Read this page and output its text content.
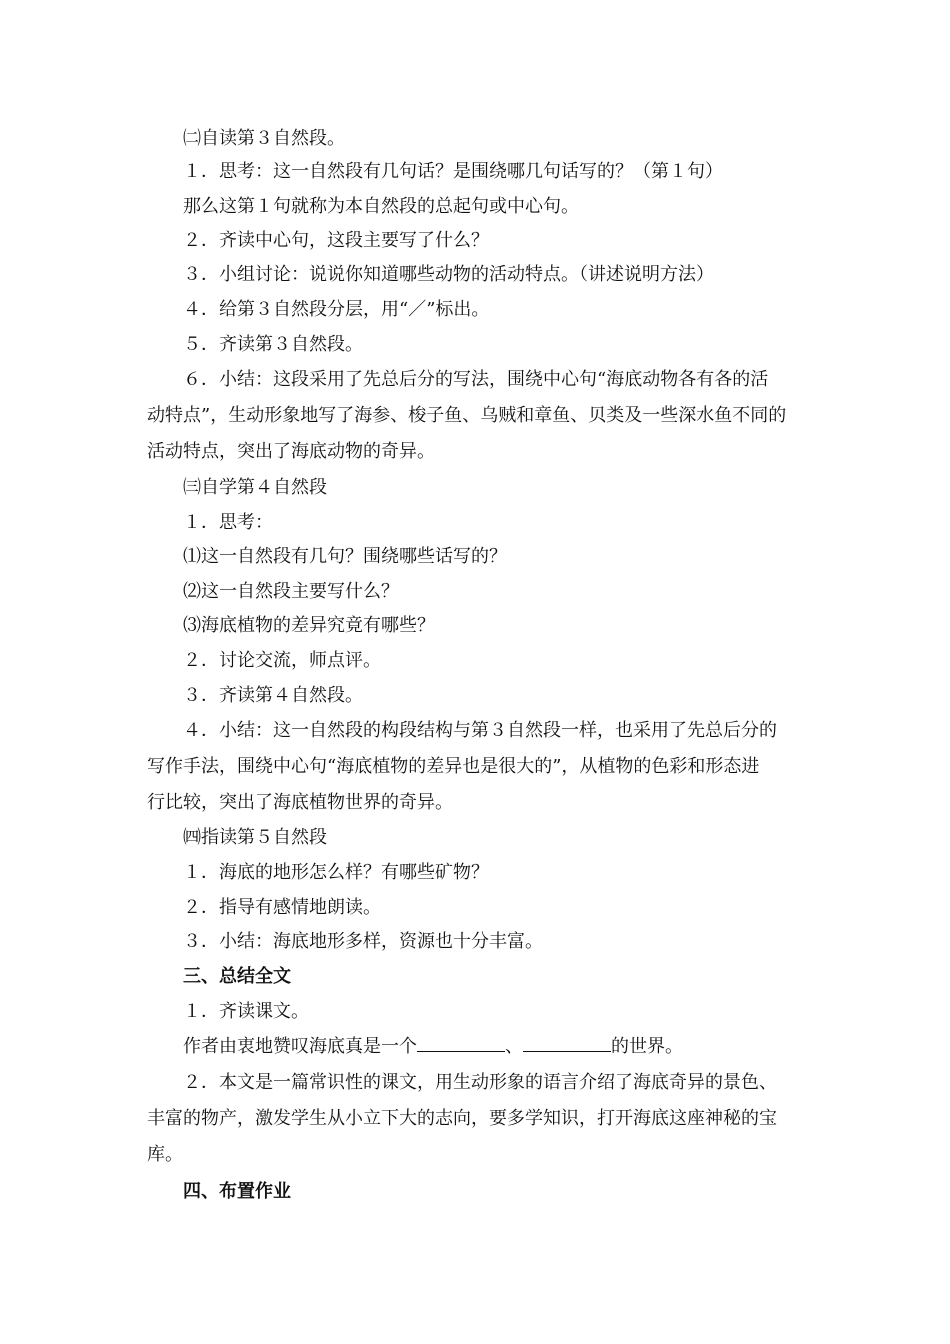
㈡自读第３自然段。
１．思考：这一自然段有几句话？是围绕哪几句话写的？（第１句）
那么这第１句就称为本自然段的总起句或中心句。
２．齐读中心句，这段主要写了什么？
３．小组讨论：说说你知道哪些动物的活动特点。（讲述说明方法）
４．给第３自然段分层，用“／”标出。
５．齐读第３自然段。
６．小结：这段采用了先总后分的写法，围绕中心句“海底动物各有各的活
动特点”，生动形象地写了海参、梭子鱼、乌贼和章鱼、贝类及一些深水鱼不同的
活动特点，突出了海底动物的奇异。
㈢自学第４自然段
１．思考：
⑴这一自然段有几句？围绕哪些话写的？
⑵这一自然段主要写什么？
⑶海底植物的差异究竟有哪些？
２．讨论交流，师点评。
３．齐读第４自然段。
４．小结：这一自然段的构段结构与第３自然段一样，也采用了先总后分的
写作手法，围绕中心句“海底植物的差异也是很大的”，从植物的色彩和形态进
行比较，突出了海底植物世界的奇异。
㈣指读第５自然段
１．海底的地形怎么样？有哪些矿物？
２．指导有感情地朗读。
３．小结：海底地形多样，资源也十分丰富。
三、总结全文
１．齐读课文。
作者由衷地赞叹海底真是一个	、	的世界。
２．本文是一篇常识性的课文，用生动形象的语言介绍了海底奇异的景色、
丰富的物产，激发学生从小立下大的志向，要多学知识，打开海底这座神秘的宝
库。
四、布置作业
